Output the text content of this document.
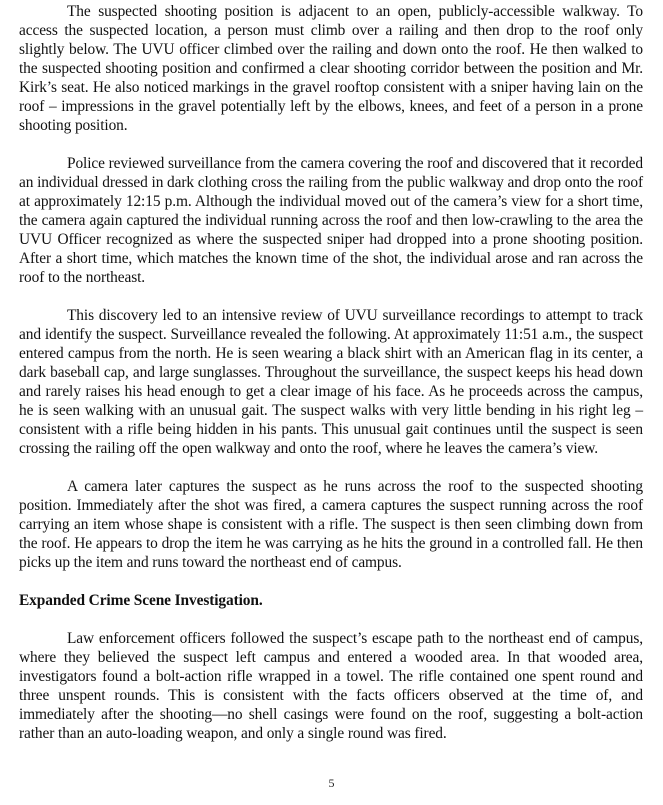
The suspected shooting position is adjacent to an open, publicly-accessible walkway. To access the suspected location, a person must climb over a railing and then drop to the roof only slightly below. The UVU officer climbed over the railing and down onto the roof. He then walked to the suspected shooting position and confirmed a clear shooting corridor between the position and Mr. Kirk’s seat. He also noticed markings in the gravel rooftop consistent with a sniper having lain on the roof – impressions in the gravel potentially left by the elbows, knees, and feet of a person in a prone shooting position.

Police reviewed surveillance from the camera covering the roof and discovered that it recorded an individual dressed in dark clothing cross the railing from the public walkway and drop onto the roof at approximately 12:15 p.m. Although the individual moved out of the camera’s view for a short time, the camera again captured the individual running across the roof and then low-crawling to the area the UVU Officer recognized as where the suspected sniper had dropped into a prone shooting position. After a short time, which matches the known time of the shot, the individual arose and ran across the roof to the northeast.

This discovery led to an intensive review of UVU surveillance recordings to attempt to track and identify the suspect. Surveillance revealed the following. At approximately 11:51 a.m., the suspect entered campus from the north. He is seen wearing a black shirt with an American flag in its center, a dark baseball cap, and large sunglasses. Throughout the surveillance, the suspect keeps his head down and rarely raises his head enough to get a clear image of his face. As he proceeds across the campus, he is seen walking with an unusual gait. The suspect walks with very little bending in his right leg – consistent with a rifle being hidden in his pants. This unusual gait continues until the suspect is seen crossing the railing off the open walkway and onto the roof, where he leaves the camera’s view.

A camera later captures the suspect as he runs across the roof to the suspected shooting position. Immediately after the shot was fired, a camera captures the suspect running across the roof carrying an item whose shape is consistent with a rifle. The suspect is then seen climbing down from the roof. He appears to drop the item he was carrying as he hits the ground in a controlled fall. He then picks up the item and runs toward the northeast end of campus.

Expanded Crime Scene Investigation.

Law enforcement officers followed the suspect’s escape path to the northeast end of campus, where they believed the suspect left campus and entered a wooded area. In that wooded area, investigators found a bolt-action rifle wrapped in a towel. The rifle contained one spent round and three unspent rounds. This is consistent with the facts officers observed at the time of, and immediately after the shooting—no shell casings were found on the roof, suggesting a bolt-action rather than an auto-loading weapon, and only a single round was fired.

5
